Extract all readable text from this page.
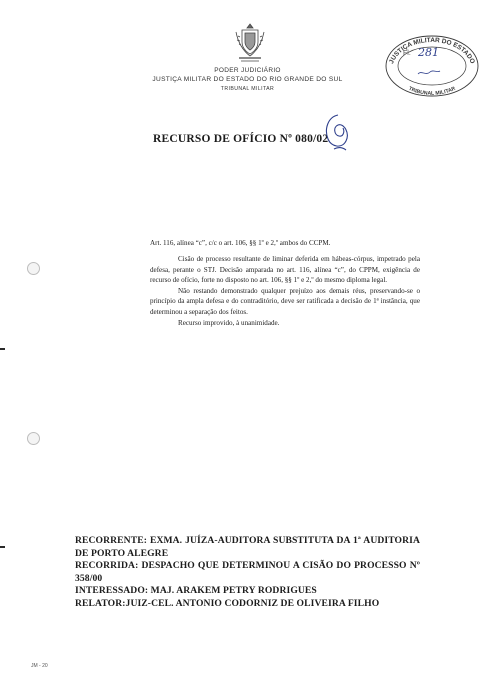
PODER JUDICIÁRIO
JUSTIÇA MILITAR DO ESTADO DO RIO GRANDE DO SUL
TRIBUNAL MILITAR
JUSTIÇA MILITAR DO ESTADO
TRIBUNAL MILITAR
Fl. 281
RECURSO DE OFÍCIO Nº 080/02
Art. 116, alínea “c”, c/c o art. 106, §§ 1º e 2,º ambos do CCPM.

Cisão de processo resultante de liminar deferida em hábeas-córpus, impetrado pela defesa, perante o STJ. Decisão amparada no art. 116, alínea “c”, do CPPM, exigência de recurso de ofício, forte no disposto no art. 106, §§ 1º e 2,º do mesmo diploma legal.

Não restando demonstrado qualquer prejuízo aos demais réus, preservando-se o princípio da ampla defesa e do contraditório, deve ser ratificada a decisão de 1ª instância, que determinou a separação dos feitos.

Recurso improvido, à unanimidade.

RECORRENTE: EXMA. JUÍZA-AUDITORA SUBSTITUTA DA 1ª AUDITORIA DE PORTO ALEGRE
RECORRIDA: DESPACHO QUE DETERMINOU A CISÃO DO PROCESSO Nº 358/00
INTERESSADO: MAJ. ARAKEM PETRY RODRIGUES
RELATOR:JUIZ-CEL. ANTONIO CODORNIZ DE OLIVEIRA FILHO
JM - 20
